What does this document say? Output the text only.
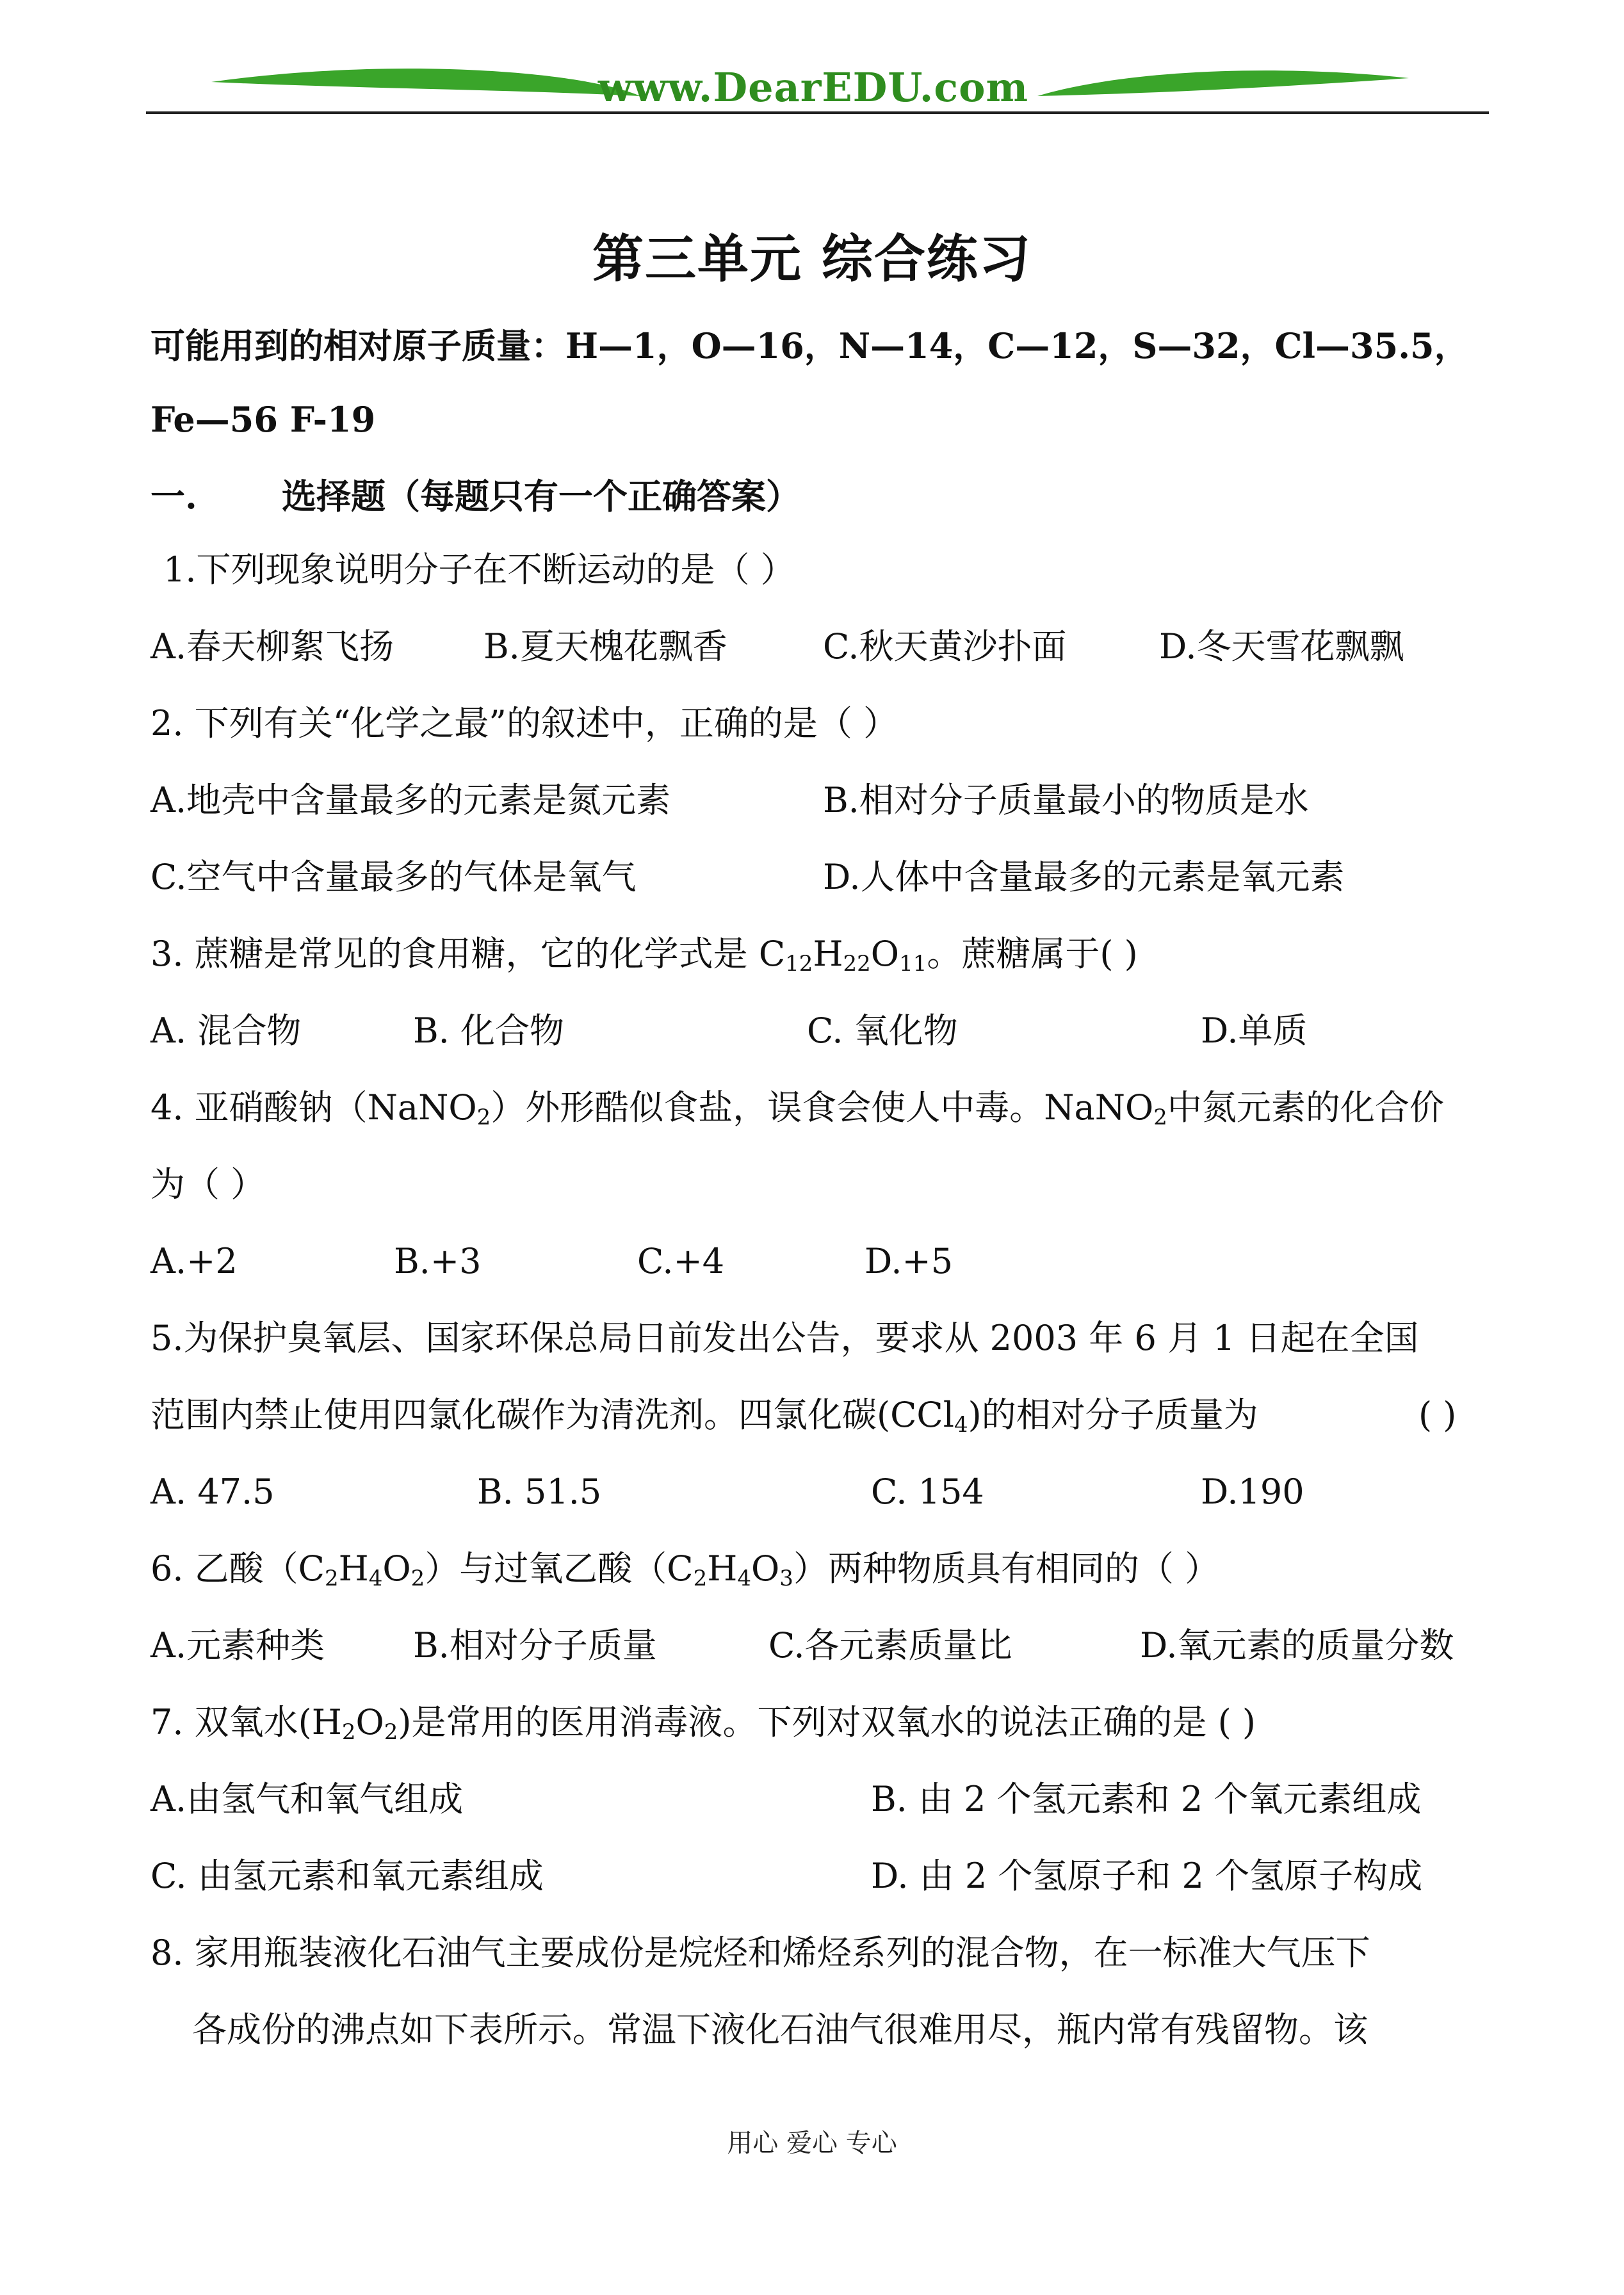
www.DearEDU.com
第三单元 综合练习
可能用到的相对原子质量：H—1，O—16，N—14，C—12，S—32，Cl—35.5，
Fe—56 F-19
一. 选择题（每题只有一个正确答案）
1.下列现象说明分子在不断运动的是（ ）
A.春天柳絮飞扬	B.夏天槐花飘香	C.秋天黄沙扑面	D.冬天雪花飘飘
2. 下列有关“化学之最”的叙述中，正确的是（ ）
A.地壳中含量最多的元素是氮元素	B.相对分子质量最小的物质是水
C.空气中含量最多的气体是氧气	D.人体中含量最多的元素是氧元素
3. 蔗糖是常见的食用糖，它的化学式是 $C_{12}H_{22}O_{11}$。蔗糖属于( )
A. 混合物	B. 化合物	C. 氧化物	D.单质
4. 亚硝酸钠（NaNO$_2$）外形酷似食盐，误食会使人中毒。NaNO$_2$中氮元素的化合价
为（ ）
A.+2	B.+3	C.+4	D.+5
5.为保护臭氧层、国家环保总局日前发出公告，要求从 2003 年 6 月 1 日起在全国
范围内禁止使用四氯化碳作为清洗剂。四氯化碳(CCl$_4$)的相对分子质量为	( )
A. 47.5	B. 51.5	C. 154	D.190
6. 乙酸$(C_2H_4O_2)$与过氧乙酸$(C_2H_4O_3)$两种物质具有相同的（ ）
A.元素种类	B.相对分子质量	C.各元素质量比	D.氧元素的质量分数
7. 双氧水$(H_2O_2)$是常用的医用消毒液。下列对双氧水的说法正确的是 ( )
A.由氢气和氧气组成	B. 由 2 个氢元素和 2 个氧元素组成
C. 由氢元素和氧元素组成	D. 由 2 个氢原子和 2 个氢原子构成
8. 家用瓶装液化石油气主要成份是烷烃和烯烃系列的混合物，在一标准大气压下
各成份的沸点如下表所示。常温下液化石油气很难用尽，瓶内常有残留物。该
用心 爱心 专心
